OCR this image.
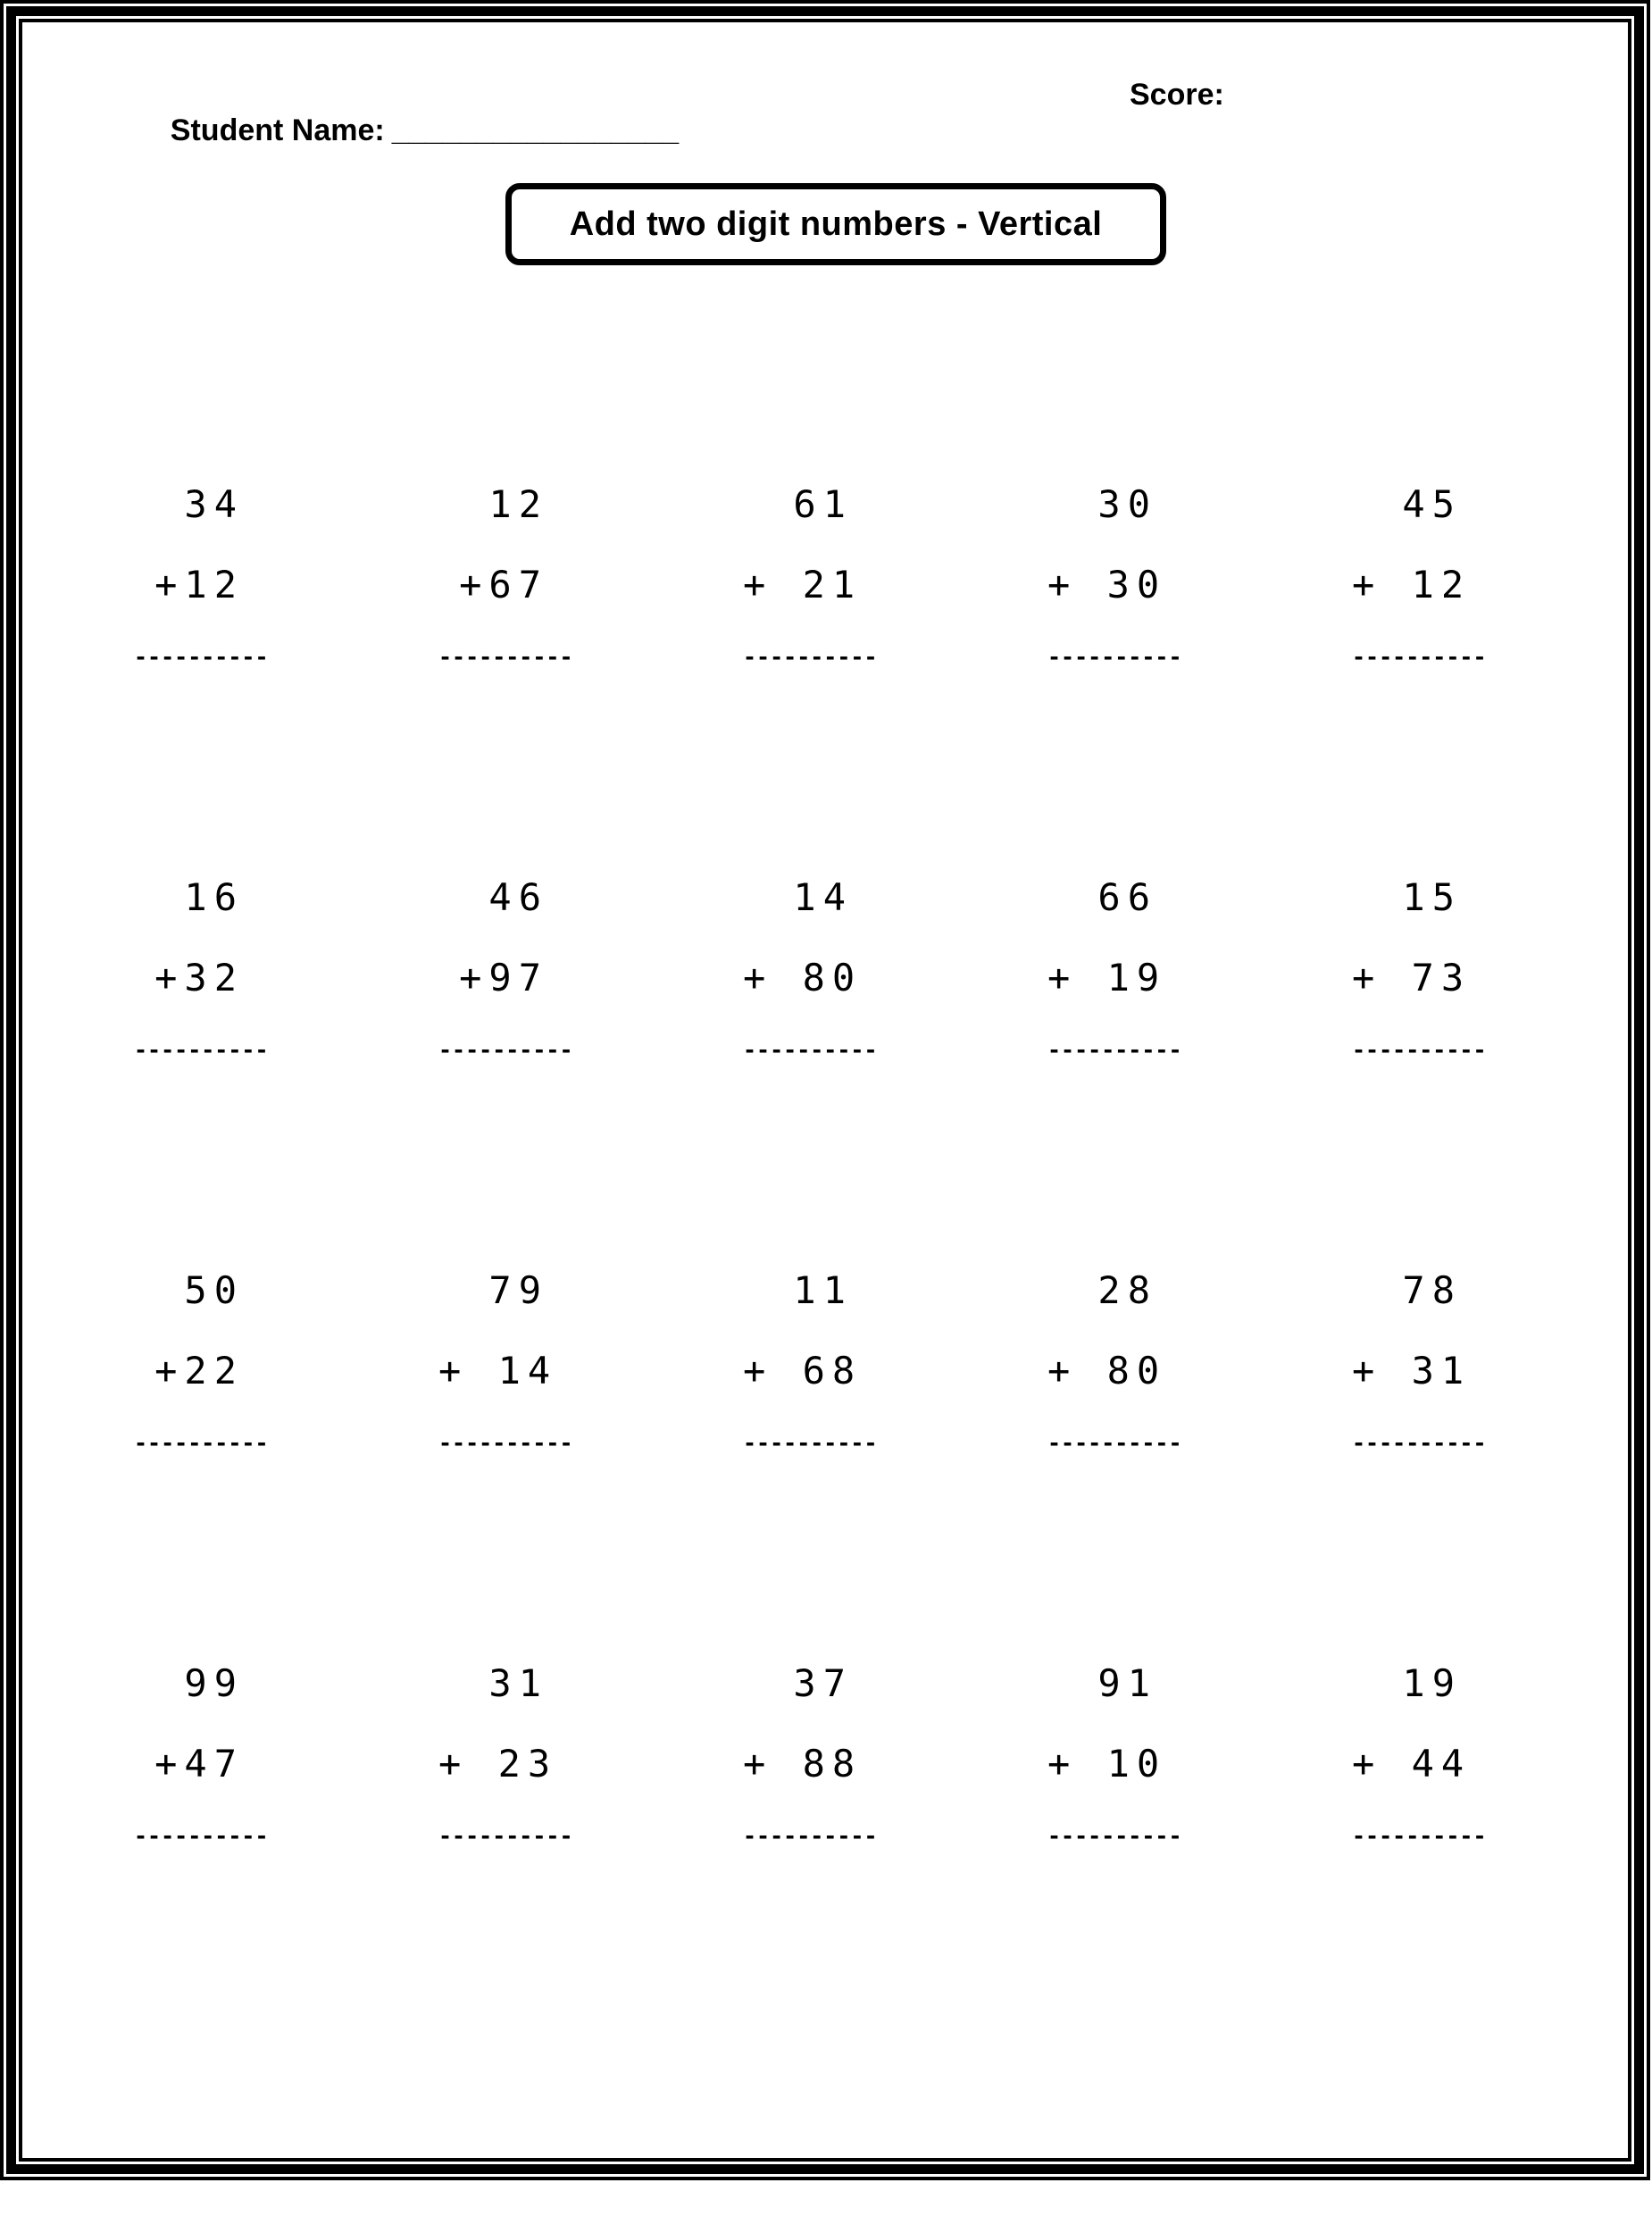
Student Name: _________________

Score:

Add two digit numbers - Vertical
34
+12
----------
12
+67
----------
61
+ 21
----------
30
+ 30
----------
45
+ 12
----------
16
+32
----------
46
+97
----------
14
+ 80
----------
66
+ 19
----------
15
+ 73
----------
50
+22
----------
79
+ 14
----------
11
+ 68
----------
28
+ 80
----------
78
+ 31
----------
99
+47
----------
31
+ 23
----------
37
+ 88
----------
91
+ 10
----------
19
+ 44
----------
